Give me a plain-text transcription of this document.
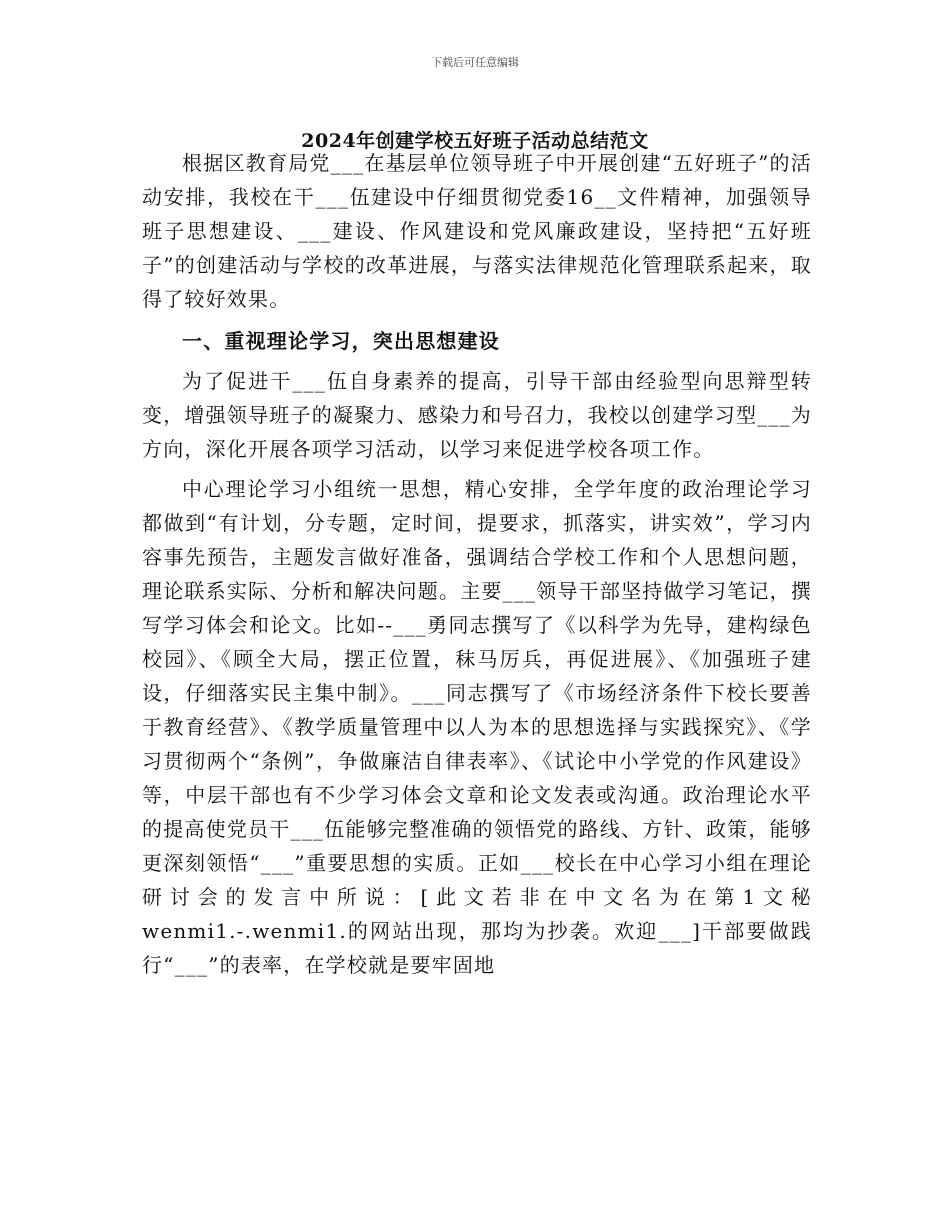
下载后可任意编辑
2024年创建学校五好班子活动总结范文

根据区教育局党___在基层单位领导班子中开展创建“五好班子”的活动安排，我校在干___伍建设中仔细贯彻党委16__文件精神，加强领导班子思想建设、___建设、作风建设和党风廉政建设，坚持把“五好班子”的创建活动与学校的改革进展，与落实法律规范化管理联系起来，取得了较好效果。

一、重视理论学习，突出思想建设

为了促进干___伍自身素养的提高，引导干部由经验型向思辩型转变，增强领导班子的凝聚力、感染力和号召力，我校以创建学习型___为方向，深化开展各项学习活动，以学习来促进学校各项工作。

中心理论学习小组统一思想，精心安排，全学年度的政治理论学习都做到“有计划，分专题，定时间，提要求，抓落实，讲实效”，学习内容事先预告，主题发言做好准备，强调结合学校工作和个人思想问题，理论联系实际、分析和解决问题。主要___领导干部坚持做学习笔记，撰写学习体会和论文。比如--___勇同志撰写了《以科学为先导，建构绿色校园》、《顾全大局，摆正位置，秣马厉兵，再促进展》、《加强班子建设，仔细落实民主集中制》。___同志撰写了《市场经济条件下校长要善于教育经营》、《教学质量管理中以人为本的思想选择与实践探究》、《学习贯彻两个“条例”，争做廉洁自律表率》、《试论中小学党的作风建设》等，中层干部也有不少学习体会文章和论文发表或沟通。政治理论水平的提高使党员干___伍能够完整准确的领悟党的路线、方针、政策，能够更深刻领悟“___”重要思想的实质。正如___校长在中心学习小组在理论研讨会的发言中所说：[此文若非在中文名为在第1文秘wenmi1.-.wenmi1.的网站出现，那均为抄袭。欢迎___]干部要做践行“___”的表率，在学校就是要牢固地
